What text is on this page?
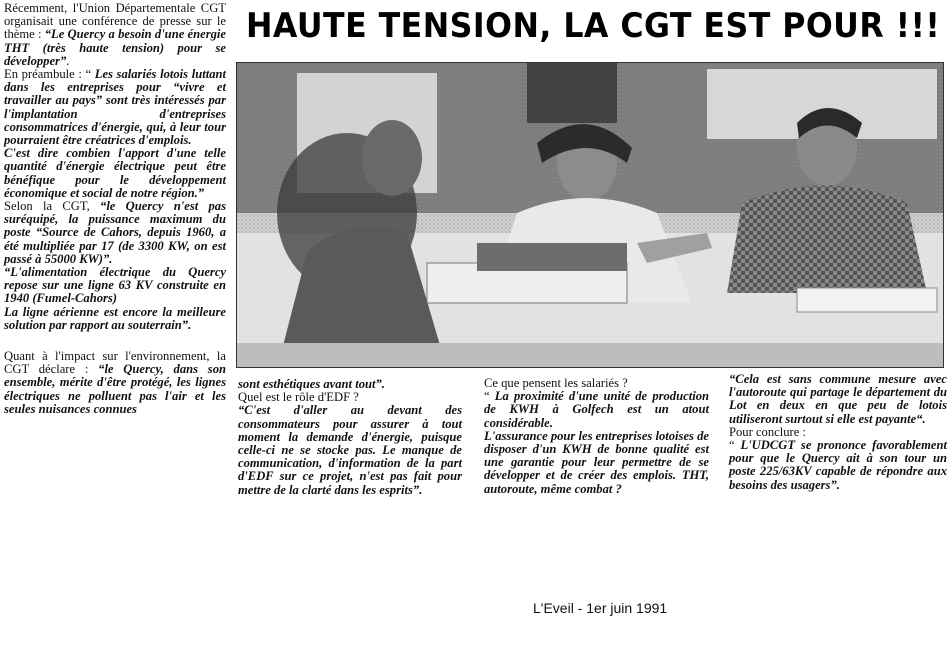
HAUTE TENSION, LA CGT EST POUR !!!

Récemment, l'Union Départementale CGT organisait une conférence de presse sur le thème : “Le Quercy a besoin d'une énergie THT (très haute tension) pour se développer”.

En préambule : “ Les salariés lotois luttant dans les entreprises pour “vivre et travailler au pays” sont très intéressés par l'implantation d'entreprises consommatrices d'énergie, qui, à leur tour pourraient être créatrices d'emplois.

C'est dire combien l'apport d'une telle quantité d'énergie électrique peut être bénéfique pour le développement économique et social de notre région.”

Selon la CGT, “le Quercy n'est pas suréquipé, la puissance maximum du poste “Source de Cahors, depuis 1960, a été multipliée par 17 (de 3300 KW, on est passé à 55000 KW)”.

“L'alimentation électrique du Quercy repose sur une ligne 63 KV construite en 1940 (Fumel-Cahors)

La ligne aérienne est encore la meilleure solution par rapport au souterrain”.

Quant à l'impact sur l'environnement, la CGT déclare : “le Quercy, dans son ensemble, mérite d'être protégé, les lignes électriques ne polluent pas l'air et les seules nuisances connues

sont esthétiques avant tout”.

Quel est le rôle d'EDF ?

“C'est d'aller au devant des consommateurs pour assurer à tout moment la demande d'énergie, puisque celle-ci ne se stocke pas. Le manque de communication, d'information de la part d'EDF sur ce projet, n'est pas fait pour mettre de la clarté dans les esprits”.

Ce que pensent les salariés ?

“ La proximité d'une unité de production de KWH à Golfech est un atout considérable.

L'assurance pour les entreprises lotoises de disposer d'un KWH de bonne qualité est une garantie pour leur permettre de se développer et de créer des emplois. THT, autoroute, même combat ?

“Cela est sans commune mesure avec l'autoroute qui partage le département du Lot en deux en que peu de lotois utiliseront surtout si elle est payante“.

Pour conclure :

“ L'UDCGT se prononce favorablement pour que le Quercy ait à son tour un poste 225/63KV capable de répondre aux besoins des usagers”.

L'Eveil - 1er juin 1991
